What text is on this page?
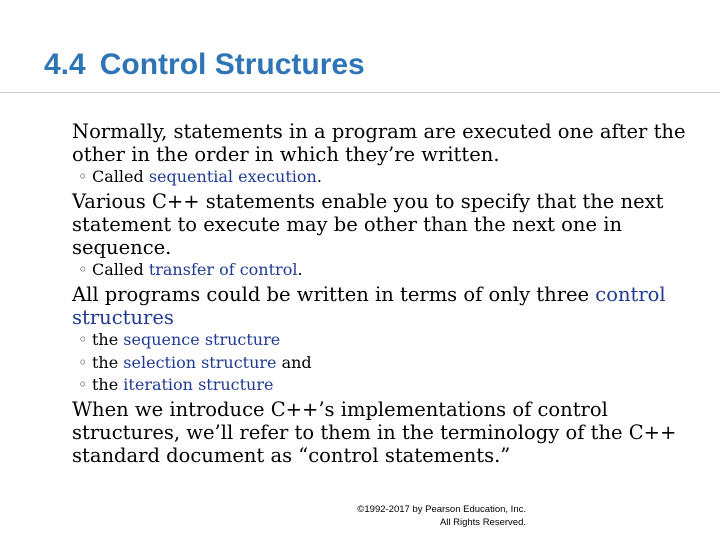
4.4 Control Structures
Normally, statements in a program are executed one after the other in the order in which they’re written.
◦ Called sequential execution.
Various C++ statements enable you to specify that the next statement to execute may be other than the next one in sequence.
◦ Called transfer of control.
All programs could be written in terms of only three control structures
◦ the sequence structure
◦ the selection structure and
◦ the iteration structure
When we introduce C++’s implementations of control structures, we’ll refer to them in the terminology of the C++ standard document as “control statements.”
©1992-2017 by Pearson Education, Inc.
All Rights Reserved.
